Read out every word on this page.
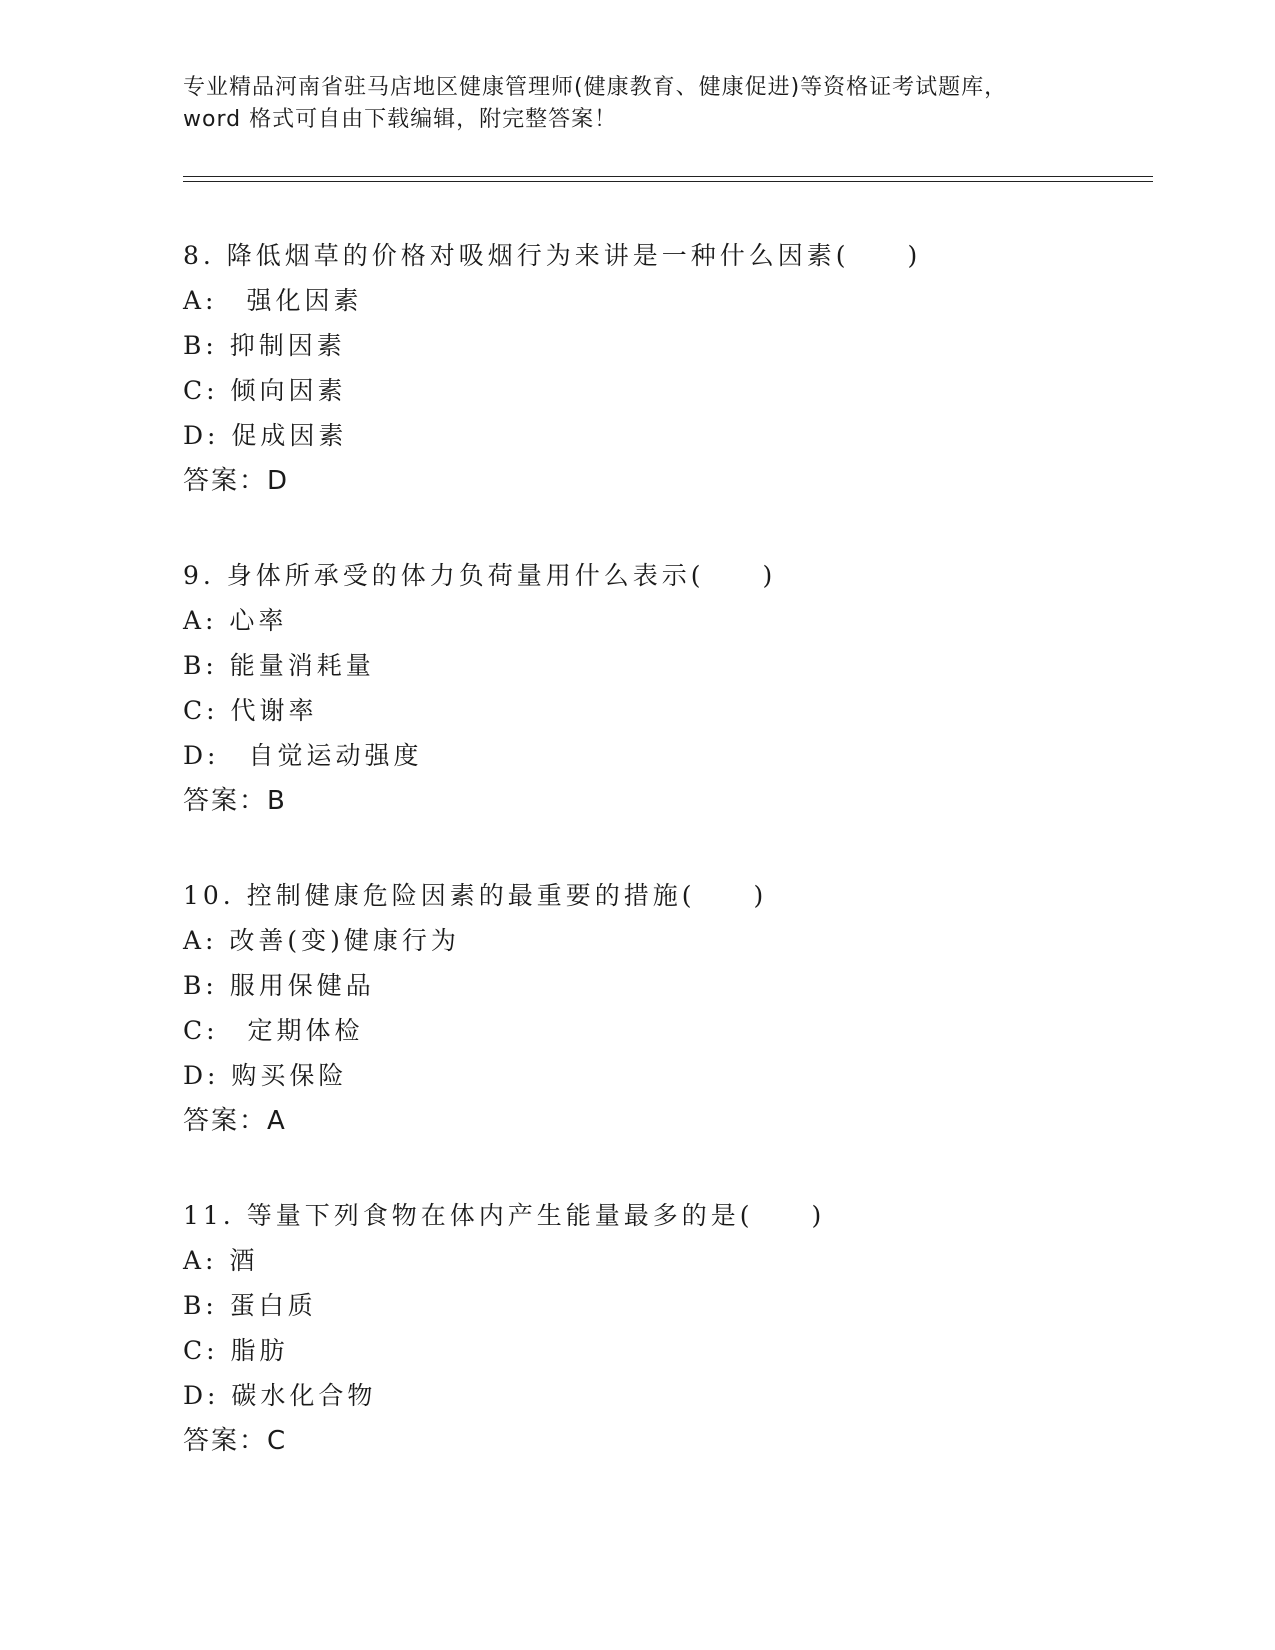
专业精品河南省驻马店地区健康管理师(健康教育、健康促进)等资格证考试题库，
word 格式可自由下载编辑，附完整答案！
8. 降低烟草的价格对吸烟行为来讲是一种什么因素(　　)
A:　强化因素
B: 抑制因素
C: 倾向因素
D: 促成因素
答案：D
9. 身体所承受的体力负荷量用什么表示(　　)
A: 心率
B: 能量消耗量
C: 代谢率
D:　自觉运动强度
答案：B
10. 控制健康危险因素的最重要的措施(　　)
A: 改善(变)健康行为
B: 服用保健品
C:　定期体检
D: 购买保险
答案：A
11. 等量下列食物在体内产生能量最多的是(　　)
A: 酒
B: 蛋白质
C: 脂肪
D: 碳水化合物
答案：C
